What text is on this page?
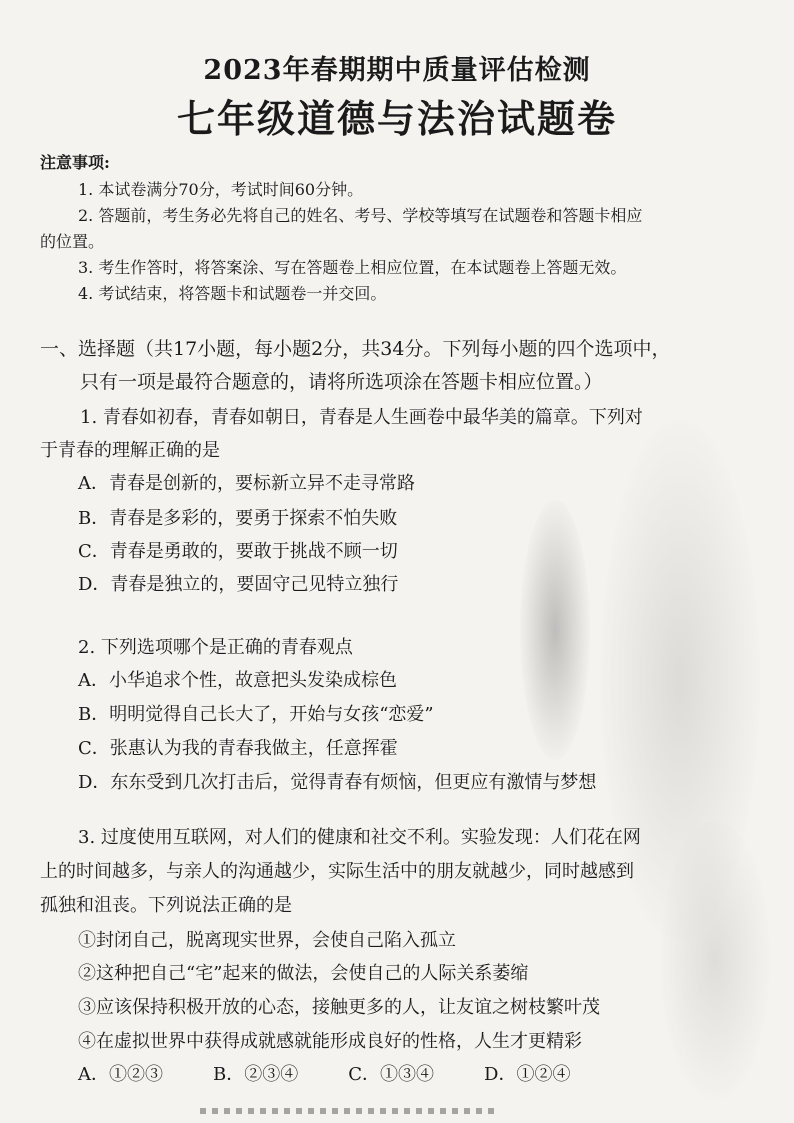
2023年春期期中质量评估检测
七年级道德与法治试题卷
注意事项:
1. 本试卷满分70分，考试时间60分钟。
2. 答题前，考生务必先将自己的姓名、考号、学校等填写在试题卷和答题卡相应
的位置。
3. 考生作答时，将答案涂、写在答题卷上相应位置，在本试题卷上答题无效。
4. 考试结束，将答题卡和试题卷一并交回。
一、选择题（共17小题，每小题2分，共34分。下列每小题的四个选项中，
只有一项是最符合题意的，请将所选项涂在答题卡相应位置。）
1. 青春如初春，青春如朝日，青春是人生画卷中最华美的篇章。下列对
于青春的理解正确的是
A．青春是创新的，要标新立异不走寻常路
B．青春是多彩的，要勇于探索不怕失败
C．青春是勇敢的，要敢于挑战不顾一切
D．青春是独立的，要固守己见特立独行
2. 下列选项哪个是正确的青春观点
A．小华追求个性，故意把头发染成棕色
B．明明觉得自己长大了，开始与女孩“恋爱”
C．张惠认为我的青春我做主，任意挥霍
D．东东受到几次打击后，觉得青春有烦恼，但更应有激情与梦想
3. 过度使用互联网，对人们的健康和社交不利。实验发现：人们花在网
上的时间越多，与亲人的沟通越少，实际生活中的朋友就越少，同时越感到
孤独和沮丧。下列说法正确的是
①封闭自己，脱离现实世界，会使自己陷入孤立
②这种把自己“宅”起来的做法，会使自己的人际关系萎缩
③应该保持积极开放的心态，接触更多的人，让友谊之树枝繁叶茂
④在虚拟世界中获得成就感就能形成良好的性格，人生才更精彩
A．①②③	B．②③④	C．①③④	D．①②④
